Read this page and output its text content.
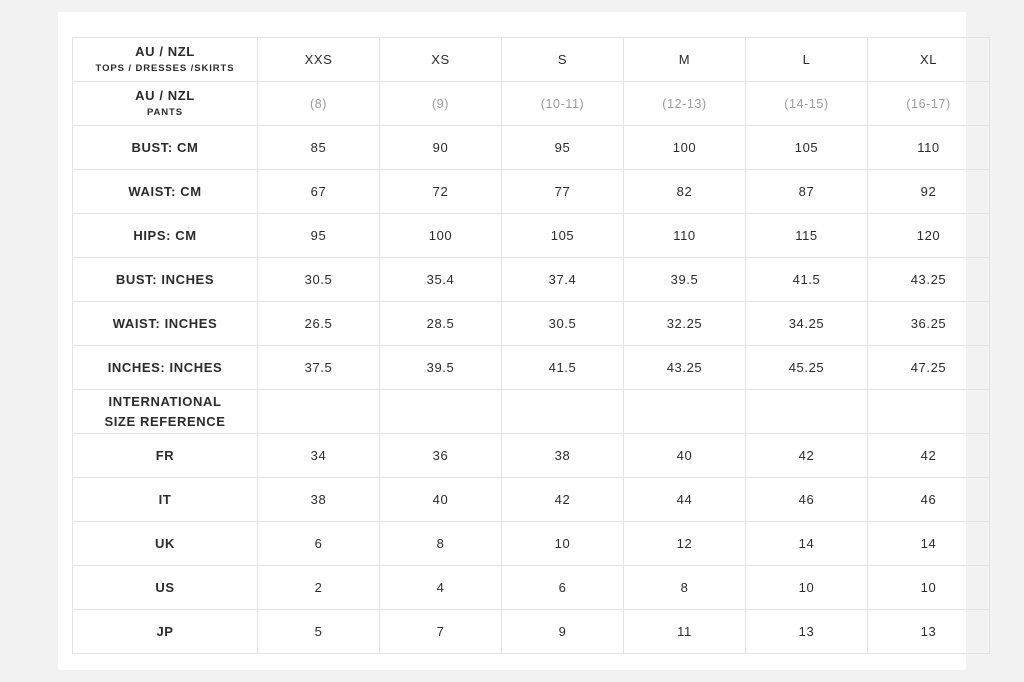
AU / NZL
TOPS / DRESSES /SKIRTS	XXS	XS	S	M	L	XL
AU / NZL
PANTS	(8)	(9)	(10-11)	(12-13)	(14-15)	(16-17)
BUST: CM	85	90	95	100	105	110
WAIST: CM	67	72	77	82	87	92
HIPS: CM	95	100	105	110	115	120
BUST: INCHES	30.5	35.4	37.4	39.5	41.5	43.25
WAIST: INCHES	26.5	28.5	30.5	32.25	34.25	36.25
INCHES: INCHES	37.5	39.5	41.5	43.25	45.25	47.25
INTERNATIONAL
SIZE REFERENCE						
FR	34	36	38	40	42	42
IT	38	40	42	44	46	46
UK	6	8	10	12	14	14
US	2	4	6	8	10	10
JP	5	7	9	11	13	13
